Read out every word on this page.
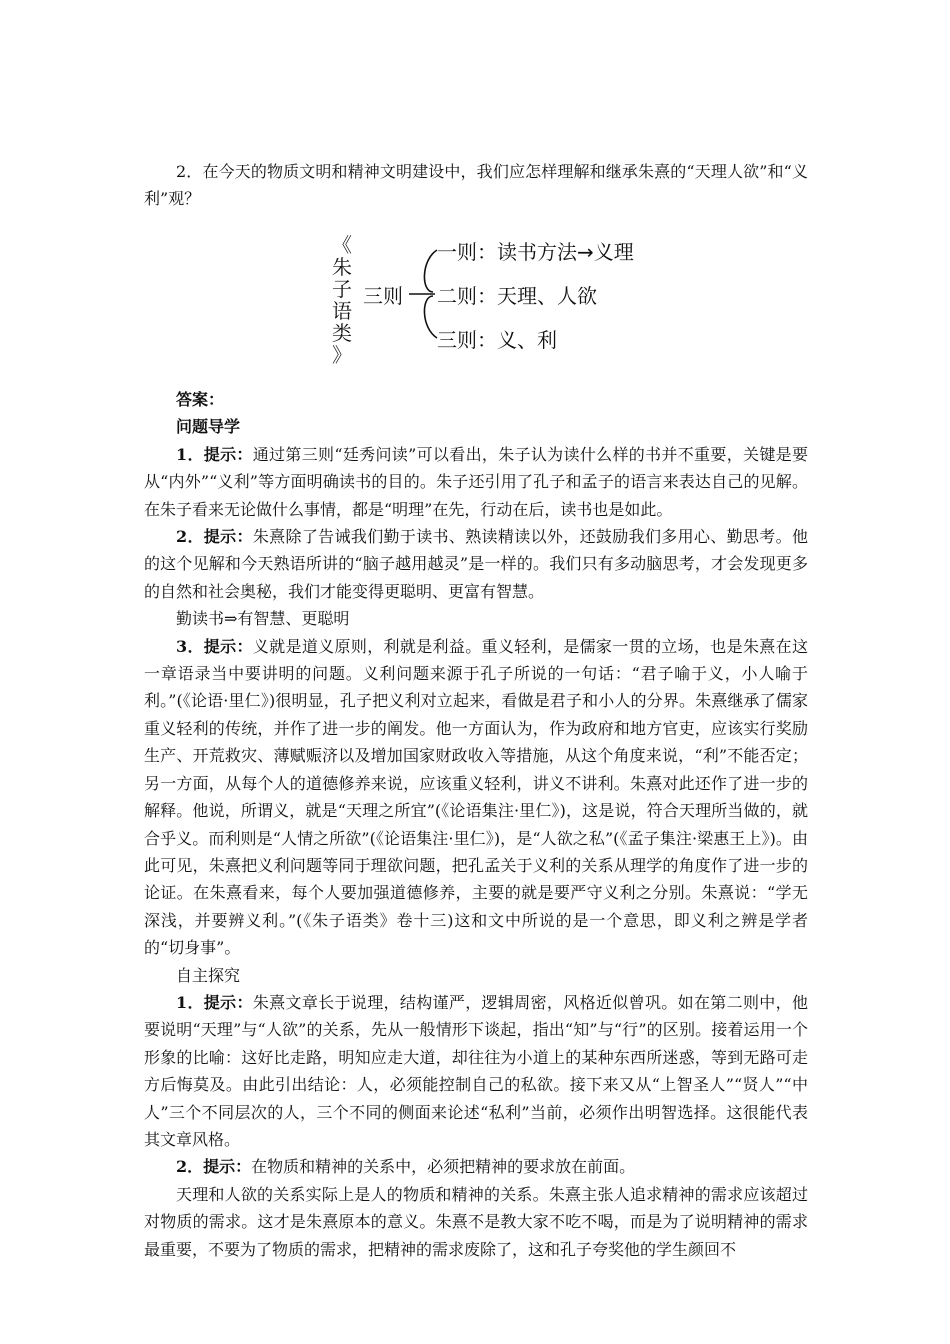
2．在今天的物质文明和精神文明建设中，我们应怎样理解和继承朱熹的“天理人欲”和“义利”观？

《
朱
子
语
类
》
三则
一则：读书方法→义理
二则：天理、人欲
三则：义、利

答案：

问题导学

1．提示：通过第三则“廷秀问读”可以看出，朱子认为读什么样的书并不重要，关键是要从“内外”“义利”等方面明确读书的目的。朱子还引用了孔子和孟子的语言来表达自己的见解。在朱子看来无论做什么事情，都是“明理”在先，行动在后，读书也是如此。

2．提示：朱熹除了告诫我们勤于读书、熟读精读以外，还鼓励我们多用心、勤思考。他的这个见解和今天熟语所讲的“脑子越用越灵”是一样的。我们只有多动脑思考，才会发现更多的自然和社会奥秘，我们才能变得更聪明、更富有智慧。

勤读书⇒有智慧、更聪明

3．提示：义就是道义原则，利就是利益。重义轻利，是儒家一贯的立场，也是朱熹在这一章语录当中要讲明的问题。义利问题来源于孔子所说的一句话：“君子喻于义，小人喻于利。”(《论语·里仁》)很明显，孔子把义利对立起来，看做是君子和小人的分界。朱熹继承了儒家重义轻利的传统，并作了进一步的阐发。他一方面认为，作为政府和地方官吏，应该实行奖励生产、开荒救灾、薄赋赈济以及增加国家财政收入等措施，从这个角度来说，“利”不能否定；另一方面，从每个人的道德修养来说，应该重义轻利，讲义不讲利。朱熹对此还作了进一步的解释。他说，所谓义，就是“天理之所宜”(《论语集注·里仁》)，这是说，符合天理所当做的，就合乎义。而利则是“人情之所欲”(《论语集注·里仁》)，是“人欲之私”(《孟子集注·梁惠王上》)。由此可见，朱熹把义利问题等同于理欲问题，把孔孟关于义利的关系从理学的角度作了进一步的论证。在朱熹看来，每个人要加强道德修养，主要的就是要严守义利之分别。朱熹说：“学无深浅，并要辨义利。”(《朱子语类》卷十三)这和文中所说的是一个意思，即义利之辨是学者的“切身事”。

自主探究

1．提示：朱熹文章长于说理，结构谨严，逻辑周密，风格近似曾巩。如在第二则中，他要说明“天理”与“人欲”的关系，先从一般情形下谈起，指出“知”与“行”的区别。接着运用一个形象的比喻：这好比走路，明知应走大道，却往往为小道上的某种东西所迷惑，等到无路可走方后悔莫及。由此引出结论：人，必须能控制自己的私欲。接下来又从“上智圣人”“贤人”“中人”三个不同层次的人，三个不同的侧面来论述“私利”当前，必须作出明智选择。这很能代表其文章风格。

2．提示：在物质和精神的关系中，必须把精神的要求放在前面。

天理和人欲的关系实际上是人的物质和精神的关系。朱熹主张人追求精神的需求应该超过对物质的需求。这才是朱熹原本的意义。朱熹不是教大家不吃不喝，而是为了说明精神的需求最重要，不要为了物质的需求，把精神的需求废除了，这和孔子夸奖他的学生颜回不
